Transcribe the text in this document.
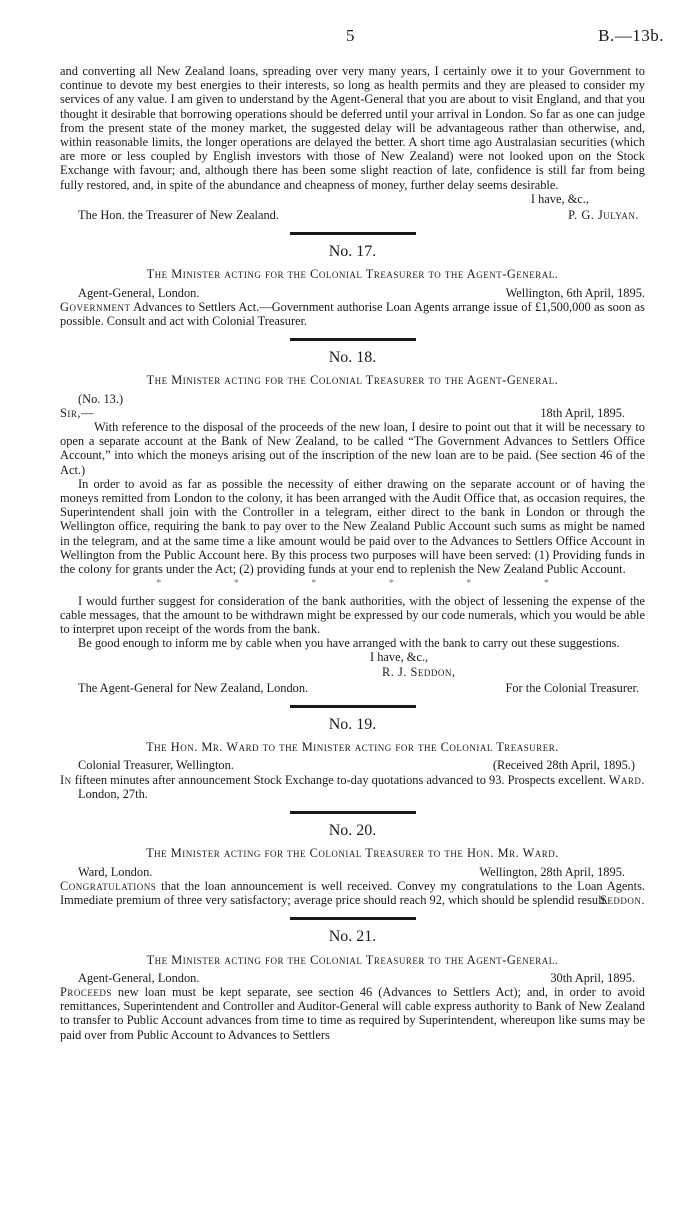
5	B.—13b.

and converting all New Zealand loans, spreading over very many years, I certainly owe it to your Government to continue to devote my best energies to their interests, so long as health permits and they are pleased to consider my services of any value. I am given to understand by the Agent-General that you are about to visit England, and that you thought it desirable that borrowing operations should be deferred until your arrival in London. So far as one can judge from the present state of the money market, the suggested delay will be advantageous rather than otherwise, and, within reasonable limits, the longer operations are delayed the better. A short time ago Australasian securities (which are more or less coupled by English investors with those of New Zealand) were not looked upon on the Stock Exchange with favour; and, although there has been some slight reaction of late, confidence is still far from being fully restored, and, in spite of the abundance and cheapness of money, further delay seems desirable.

I have, &c.,
The Hon. the Treasurer of New Zealand.	P. G. Julyan.
No. 17.
The Minister acting for the Colonial Treasurer to the Agent-General.
Agent-General, London.	Wellington, 6th April, 1895.

Government Advances to Settlers Act.—Government authorise Loan Agents arrange issue of £1,500,000 as soon as possible. Consult and act with Colonial Treasurer.

No. 18.
The Minister acting for the Colonial Treasurer to the Agent-General.
(No. 13.)
Sir,—	18th April, 1895.

With reference to the disposal of the proceeds of the new loan, I desire to point out that it will be necessary to open a separate account at the Bank of New Zealand, to be called “The Government Advances to Settlers Office Account,” into which the moneys arising out of the inscription of the new loan are to be paid. (See section 46 of the Act.)

In order to avoid as far as possible the necessity of either drawing on the separate account or of having the moneys remitted from London to the colony, it has been arranged with the Audit Office that, as occasion requires, the Superintendent shall join with the Controller in a telegram, either direct to the bank in London or through the Wellington office, requiring the bank to pay over to the New Zealand Public Account such sums as might be named in the telegram, and at the same time a like amount would be paid over to the Advances to Settlers Office Account in Wellington from the Public Account here. By this process two purposes will have been served: (1) Providing funds in the colony for grants under the Act; (2) providing funds at your end to replenish the New Zealand Public Account.

*	*	*	*	*	*

I would further suggest for consideration of the bank authorities, with the object of lessening the expense of the cable messages, that the amount to be withdrawn might be expressed by our code numerals, which you would be able to interpret upon receipt of the words from the bank.

Be good enough to inform me by cable when you have arranged with the bank to carry out these suggestions.

I have, &c.,
R. J. Seddon,
The Agent-General for New Zealand, London.	For the Colonial Treasurer.
No. 19.
The Hon. Mr. Ward to the Minister acting for the Colonial Treasurer.
Colonial Treasurer, Wellington.	(Received 28th April, 1895.)

In fifteen minutes after announcement Stock Exchange to-day quotations advanced to 93. Prospects excellent. Ward.
London, 27th.
No. 20.
The Minister acting for the Colonial Treasurer to the Hon. Mr. Ward.
Ward, London.	Wellington, 28th April, 1895.

Congratulations that the loan announcement is well received. Convey my congratulations to the Loan Agents. Immediate premium of three very satisfactory; average price should reach 92, which should be splendid result.

Seddon.
No. 21.
The Minister acting for the Colonial Treasurer to the Agent-General.
Agent-General, London.	30th April, 1895.

Proceeds new loan must be kept separate, see section 46 (Advances to Settlers Act); and, in order to avoid remittances, Superintendent and Controller and Auditor-General will cable express authority to Bank of New Zealand to transfer to Public Account advances from time to time as required by Superintendent, whereupon like sums may be paid over from Public Account to Advances to Settlers
